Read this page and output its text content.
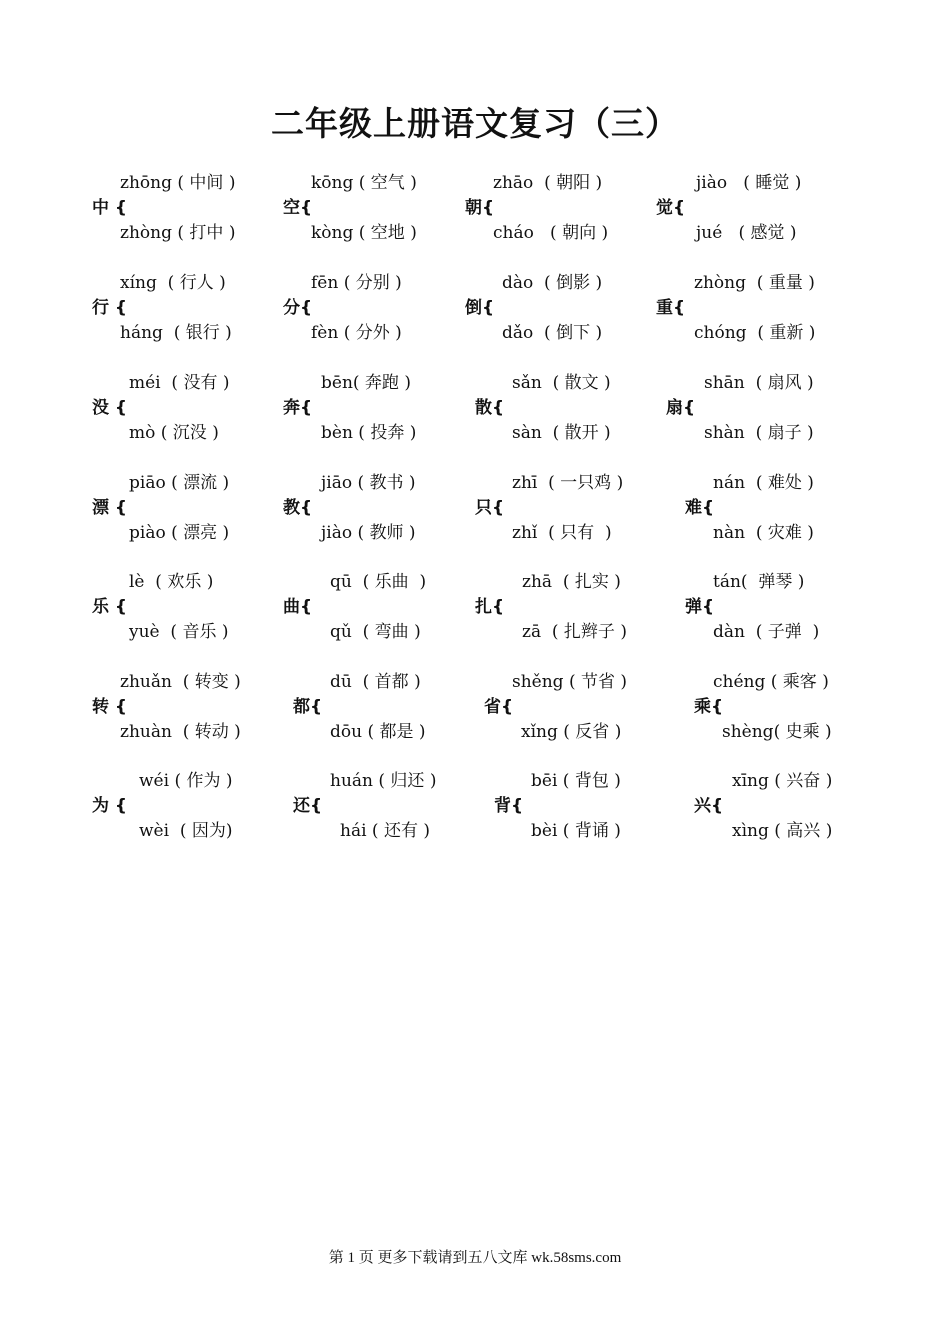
二年级上册语文复习（三）
zhōng ( 中间 )
中 {
zhòng ( 打中 )
kōng ( 空气 )
空{
kòng ( 空地 )
zhāo  ( 朝阳 )
朝{
cháo   ( 朝向 )
jiào   ( 睡觉 )
觉{
jué   ( 感觉 )
xíng  ( 行人 )
行 {
háng  ( 银行 )
fēn ( 分别 )
分{
fèn ( 分外 )
dào  ( 倒影 )
倒{
dǎo  ( 倒下 )
zhòng  ( 重量 )
重{
chóng  ( 重新 )
méi  ( 没有 )
没 {
mò ( 沉没 )
bēn( 奔跑 )
奔{
bèn ( 投奔 )
sǎn  ( 散文 )
散{
sàn  ( 散开 )
shān  ( 扇风 )
扇{
shàn  ( 扇子 )
piāo ( 漂流 )
漂 {
piào ( 漂亮 )
jiāo ( 教书 )
教{
jiào ( 教师 )
zhī  ( 一只鸡 )
只{
zhǐ  ( 只有  )
nán  ( 难处 )
难{
nàn  ( 灾难 )
lè  ( 欢乐 )
乐 {
yuè  ( 音乐 )
qū  ( 乐曲  )
曲{
qǔ  ( 弯曲 )
zhā  ( 扎实 )
扎{
zā  ( 扎辫子 )
tán(  弹琴 )
弹{
dàn  ( 子弹  )
zhuǎn  ( 转变 )
转 {
zhuàn  ( 转动 )
dū  ( 首都 )
都{
dōu ( 都是 )
shěng ( 节省 )
省{
xǐng ( 反省 )
chéng ( 乘客 )
乘{
shèng( 史乘 )
wéi ( 作为 )
为 {
wèi  ( 因为)
huán ( 归还 )
还{
hái ( 还有 )
bēi ( 背包 )
背{
bèi ( 背诵 )
xīng ( 兴奋 )
兴{
xìng ( 高兴 )
第 1 页 更多下载请到五八文库 wk.58sms.com
